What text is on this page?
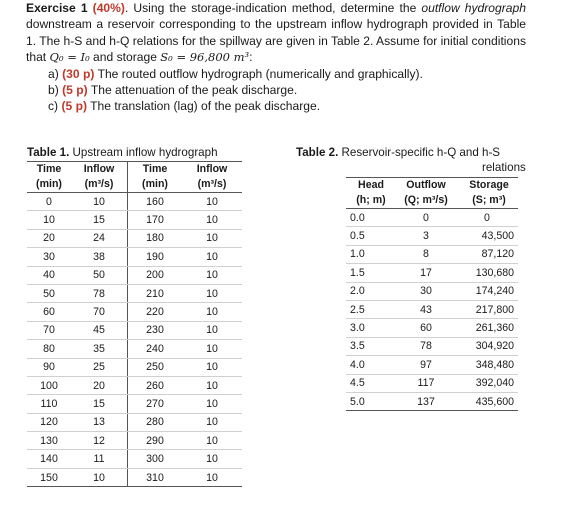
Exercise 1 (40%). Using the storage-indication method, determine the outflow hydrograph downstream a reservoir corresponding to the upstream inflow hydrograph provided in Table 1. The h-S and h-Q relations for the spillway are given in Table 2. Assume for initial conditions that Q₀ = I₀ and storage S₀ = 96,800 m³:

a) (30 p) The routed outflow hydrograph (numerically and graphically).
b) (5 p) The attenuation of the peak discharge.
c) (5 p) The translation (lag) of the peak discharge.
Table 1. Upstream inflow hydrograph
Time	Inflow	Time	Inflow
(min)	(m³/s)	(min)	(m³/s)
0	10	160	10
10	15	170	10
20	24	180	10
30	38	190	10
40	50	200	10
50	78	210	10
60	70	220	10
70	45	230	10
80	35	240	10
90	25	250	10
100	20	260	10
110	15	270	10
120	13	280	10
130	12	290	10
140	11	300	10
150	10	310	10
Table 2. Reservoir-specific h-Q and h-S
relations
Head	Outflow	Storage
(h; m)	(Q; m³/s)	(S; m³)
0.0	0	0
0.5	3	43,500
1.0	8	87,120
1.5	17	130,680
2.0	30	174,240
2.5	43	217,800
3.0	60	261,360
3.5	78	304,920
4.0	97	348,480
4.5	117	392,040
5.0	137	435,600
